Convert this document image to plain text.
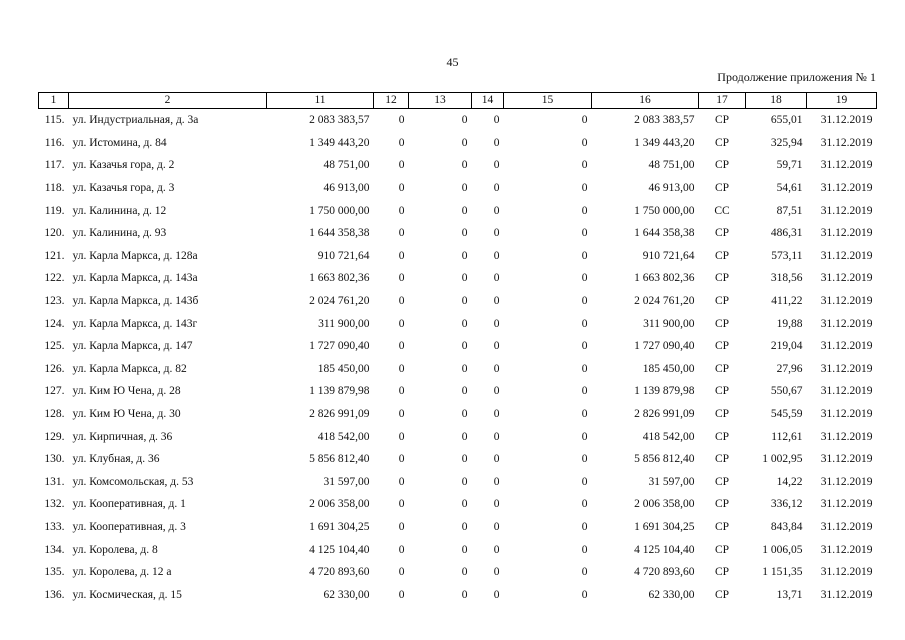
45
Продолжение приложения № 1
1	2	11	12	13	14	15	16	17	18	19
115.	ул. Индустриальная, д. 3а	2 083 383,57	0	0	0	0	2 083 383,57	СР	655,01	31.12.2019
116.	ул. Истомина, д. 84	1 349 443,20	0	0	0	0	1 349 443,20	СР	325,94	31.12.2019
117.	ул. Казачья гора, д. 2	48 751,00	0	0	0	0	48 751,00	СР	59,71	31.12.2019
118.	ул. Казачья гора, д. 3	46 913,00	0	0	0	0	46 913,00	СР	54,61	31.12.2019
119.	ул. Калинина, д. 12	1 750 000,00	0	0	0	0	1 750 000,00	СС	87,51	31.12.2019
120.	ул. Калинина, д. 93	1 644 358,38	0	0	0	0	1 644 358,38	СР	486,31	31.12.2019
121.	ул. Карла Маркса, д. 128а	910 721,64	0	0	0	0	910 721,64	СР	573,11	31.12.2019
122.	ул. Карла Маркса, д. 143а	1 663 802,36	0	0	0	0	1 663 802,36	СР	318,56	31.12.2019
123.	ул. Карла Маркса, д. 143б	2 024 761,20	0	0	0	0	2 024 761,20	СР	411,22	31.12.2019
124.	ул. Карла Маркса, д. 143г	311 900,00	0	0	0	0	311 900,00	СР	19,88	31.12.2019
125.	ул. Карла Маркса, д. 147	1 727 090,40	0	0	0	0	1 727 090,40	СР	219,04	31.12.2019
126.	ул. Карла Маркса, д. 82	185 450,00	0	0	0	0	185 450,00	СР	27,96	31.12.2019
127.	ул. Ким Ю Чена, д. 28	1 139 879,98	0	0	0	0	1 139 879,98	СР	550,67	31.12.2019
128.	ул. Ким Ю Чена, д. 30	2 826 991,09	0	0	0	0	2 826 991,09	СР	545,59	31.12.2019
129.	ул. Кирпичная, д. 36	418 542,00	0	0	0	0	418 542,00	СР	112,61	31.12.2019
130.	ул. Клубная, д. 36	5 856 812,40	0	0	0	0	5 856 812,40	СР	1 002,95	31.12.2019
131.	ул. Комсомольская, д. 53	31 597,00	0	0	0	0	31 597,00	СР	14,22	31.12.2019
132.	ул. Кооперативная, д. 1	2 006 358,00	0	0	0	0	2 006 358,00	СР	336,12	31.12.2019
133.	ул. Кооперативная, д. 3	1 691 304,25	0	0	0	0	1 691 304,25	СР	843,84	31.12.2019
134.	ул. Королева, д. 8	4 125 104,40	0	0	0	0	4 125 104,40	СР	1 006,05	31.12.2019
135.	ул. Королева, д. 12 а	4 720 893,60	0	0	0	0	4 720 893,60	СР	1 151,35	31.12.2019
136.	ул. Космическая, д. 15	62 330,00	0	0	0	0	62 330,00	СР	13,71	31.12.2019
